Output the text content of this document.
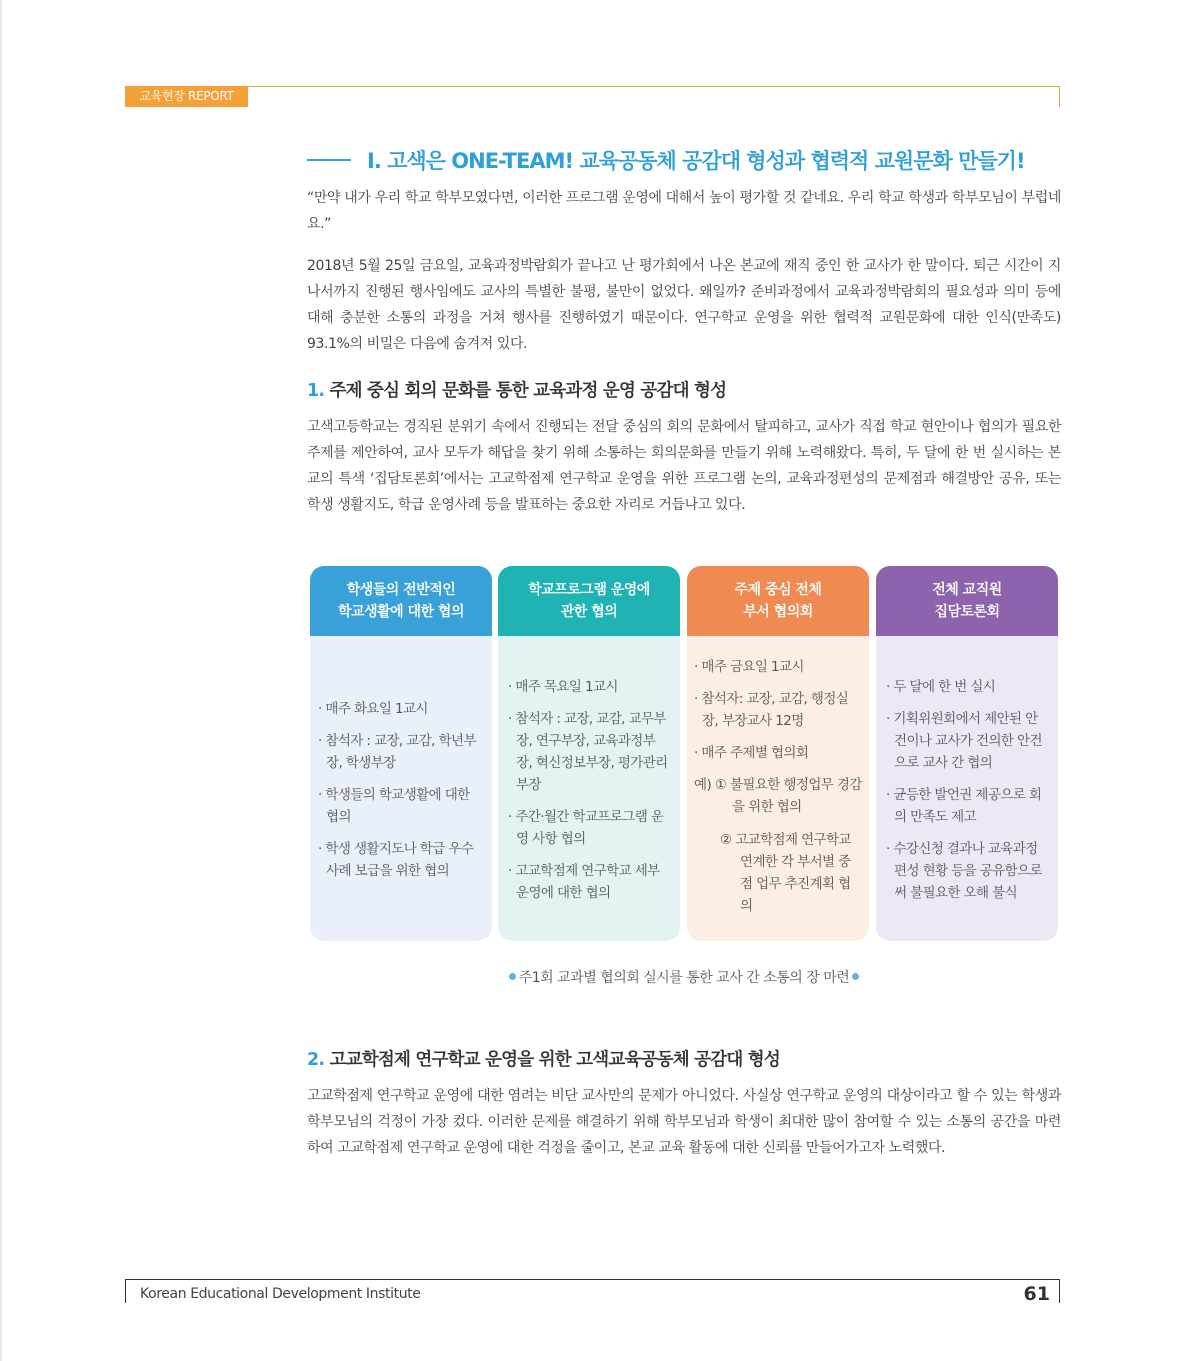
교육현장 REPORT
Ⅰ. 고색은 ONE-TEAM! 교육공동체 공감대 형성과 협력적 교원문화 만들기!

“만약 내가 우리 학교 학부모였다면, 이러한 프로그램 운영에 대해서 높이 평가할 것 같네요. 우리 학교 학생과 학부모님이 부럽네요.”

2018년 5월 25일 금요일, 교육과정박람회가 끝나고 난 평가회에서 나온 본교에 재직 중인 한 교사가 한 말이다. 퇴근 시간이 지나서까지 진행된 행사임에도 교사의 특별한 불평, 불만이 없었다. 왜일까? 준비과정에서 교육과정박람회의 필요성과 의미 등에 대해 충분한 소통의 과정을 거쳐 행사를 진행하였기 때문이다. 연구학교 운영을 위한 협력적 교원문화에 대한 인식(만족도) 93.1%의 비밀은 다음에 숨겨져 있다.

1. 주제 중심 회의 문화를 통한 교육과정 운영 공감대 형성

고색고등학교는 경직된 분위기 속에서 진행되는 전달 중심의 회의 문화에서 탈피하고, 교사가 직접 학교 현안이나 협의가 필요한 주제를 제안하여, 교사 모두가 해답을 찾기 위해 소통하는 회의문화를 만들기 위해 노력해왔다. 특히, 두 달에 한 번 실시하는 본교의 특색 ‘집담토론회’에서는 고교학점제 연구학교 운영을 위한 프로그램 논의, 교육과정편성의 문제점과 해결방안 공유, 또는 학생 생활지도, 학급 운영사례 등을 발표하는 중요한 자리로 거듭나고 있다.

학생들의 전반적인
학교생활에 대한 협의
· 매주 화요일 1교시
· 참석자 : 교장, 교감, 학년부장, 학생부장
· 학생들의 학교생활에 대한 협의
· 학생 생활지도나 학급 우수사례 보급을 위한 협의
학교프로그램 운영에
관한 협의
· 매주 목요일 1교시
· 참석자 : 교장, 교감, 교무부장, 연구부장, 교육과정부장, 혁신정보부장, 평가관리부장
· 주간·월간 학교프로그램 운영 사항 협의
· 고교학점제 연구학교 세부 운영에 대한 협의
주제 중심 전체
부서 협의회
· 매주 금요일 1교시
· 참석자: 교장, 교감, 행정실장, 부장교사 12명
· 매주 주제별 협의회
예) ① 불필요한 행정업무 경감을 위한 협의
② 고교학점제 연구학교 연계한 각 부서별 중점 업무 추진계획 협의
전체 교직원
집담토론회
· 두 달에 한 번 실시
· 기획위원회에서 제안된 안건이나 교사가 건의한 안건으로 교사 간 협의
· 균등한 발언권 제공으로 회의 만족도 제고
· 수강신청 결과나 교육과정 편성 현황 등을 공유함으로써 불필요한 오해 불식
주1회 교과별 협의회 실시를 통한 교사 간 소통의 장 마련
2. 고교학점제 연구학교 운영을 위한 고색교육공동체 공감대 형성

고교학점제 연구학교 운영에 대한 염려는 비단 교사만의 문제가 아니었다. 사실상 연구학교 운영의 대상이라고 할 수 있는 학생과 학부모님의 걱정이 가장 컸다. 이러한 문제를 해결하기 위해 학부모님과 학생이 최대한 많이 참여할 수 있는 소통의 공간을 마련하여 고교학점제 연구학교 운영에 대한 걱정을 줄이고, 본교 교육 활동에 대한 신뢰를 만들어가고자 노력했다.

Korean Educational Development Institute	61
